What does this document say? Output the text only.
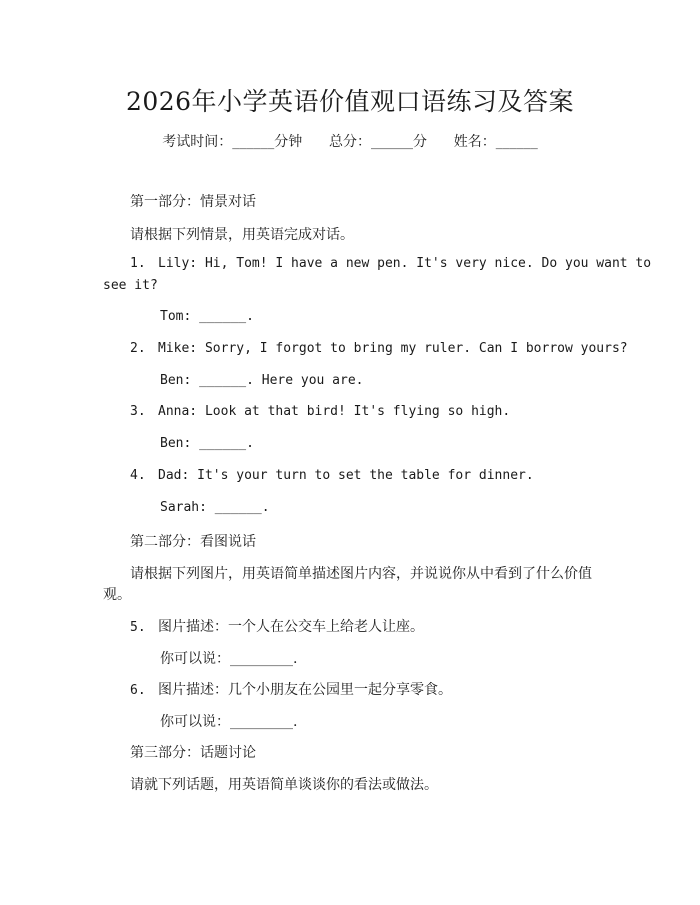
2026年小学英语价值观口语练习及答案
考试时间：______分钟      总分：______分      姓名：______
第一部分：情景对话
请根据下列情景，用英语完成对话。
1. Lily: Hi, Tom! I have a new pen. It's very nice. Do you want to
see it?
Tom: ______.
2. Mike: Sorry, I forgot to bring my ruler. Can I borrow yours?
Ben: ______. Here you are.
3. Anna: Look at that bird! It's flying so high.
Ben: ______.
4. Dad: It's your turn to set the table for dinner.
Sarah: ______.
第二部分：看图说话
请根据下列图片，用英语简单描述图片内容，并说说你从中看到了什么价值
观。
5. 图片描述：一个人在公交车上给老人让座。
你可以说：_________.
6. 图片描述：几个小朋友在公园里一起分享零食。
你可以说：_________.
第三部分：话题讨论
请就下列话题，用英语简单谈谈你的看法或做法。
